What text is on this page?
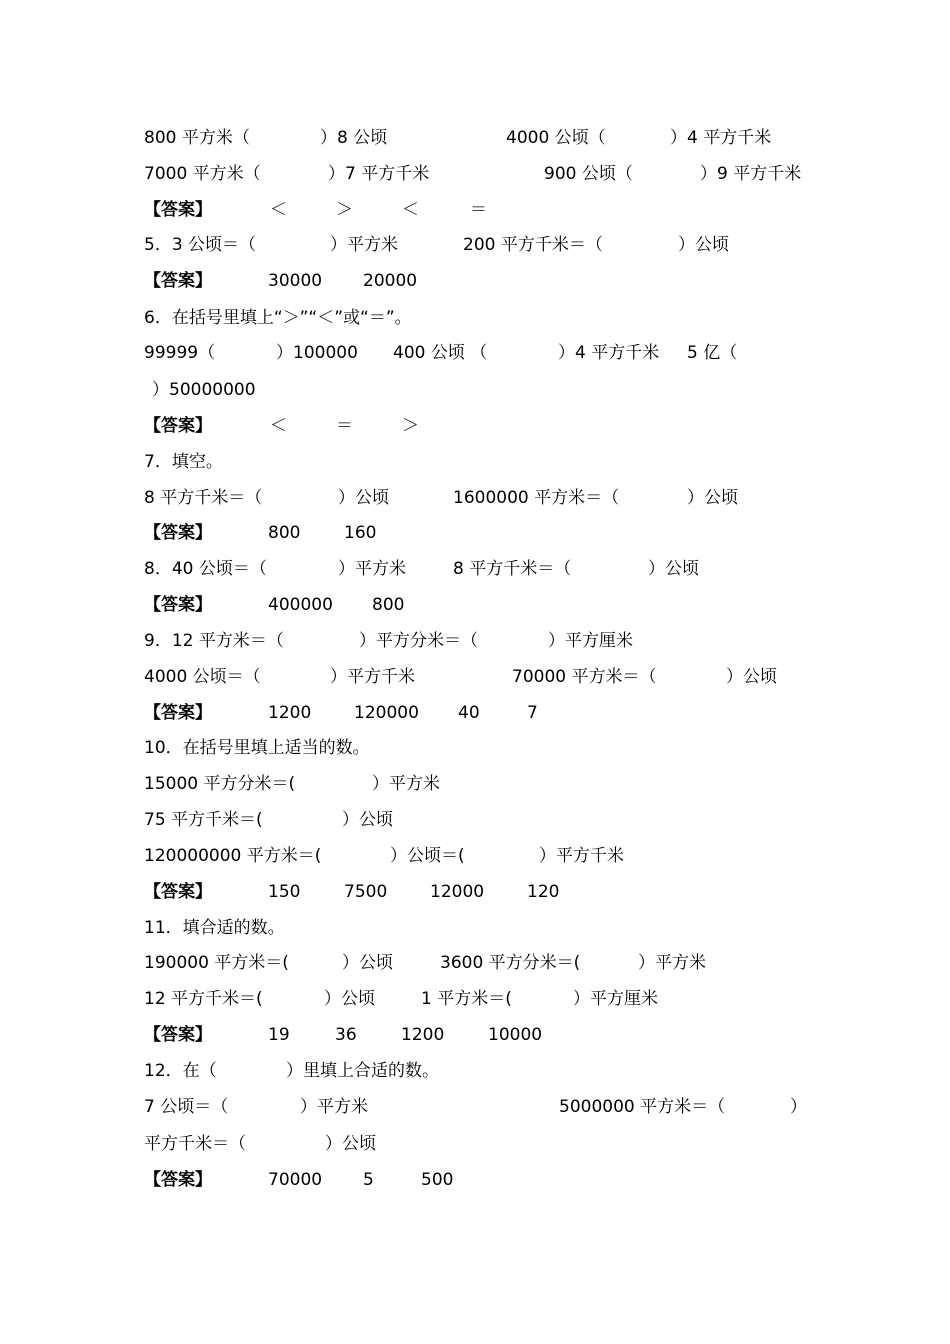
800 平方米（	）8 公顷	4000 公顷（	）4 平方千米
7000 平方米（	）7 平方千米	900 公顷（	）9 平方千米
【答案】	＜	＞	＜	＝
5．3 公顷＝（	）平方米	200 平方千米＝（	）公顷
【答案】	30000 20000
6．在括号里填上“＞”“＜”或“＝”。
99999（	）100000 400 公顷 （	）4 平方千米 5 亿（
）50000000
【答案】	＜	＝	＞
7．填空。
8 平方千米＝（	）公顷	1600000 平方米＝（	）公顷
【答案】	800	160
8．40 公顷＝（	）平方米	8 平方千米＝（	）公顷
【答案】	400000 800
9．12 平方米＝（	）平方分米＝（	）平方厘米
4000 公顷＝（	）平方千米	70000 平方米＝（	）公顷
【答案】	1200	120000 40	7
10．在括号里填上适当的数。
15000 平方分米＝(	）平方米
75 平方千米＝(	）公顷
120000000 平方米＝(	）公顷＝(	）平方千米
【答案】	150	7500	12000	120
11．填合适的数。
190000 平方米＝(	）公顷	3600 平方分米＝(	）平方米
12 平方千米＝(	）公顷	1 平方米＝(	）平方厘米
【答案】	19	36	1200	10000
12．在（	）里填上合适的数。
7 公顷＝（	）平方米	5000000 平方米＝（	）
平方千米＝（	）公顷
【答案】	70000 5	500
